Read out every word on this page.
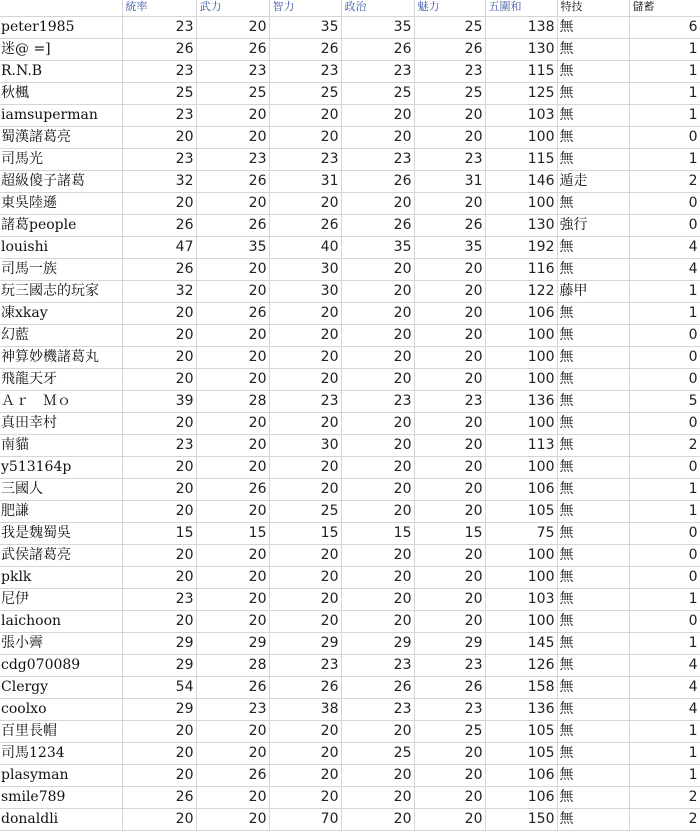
	統率	武力	智力	政治	魅力	五圍和	特技	儲蓄
peter1985	23	20	35	35	25	138	無	6
迷@ =]	26	26	26	26	26	130	無	1
R.N.B	23	23	23	23	23	115	無	1
秋楓	25	25	25	25	25	125	無	1
iamsuperman	23	20	20	20	20	103	無	1
蜀漢諸葛亮	20	20	20	20	20	100	無	0
司馬光	23	23	23	23	23	115	無	1
超級傻子諸葛	32	26	31	26	31	146	遁走	2
東吳陸遜	20	20	20	20	20	100	無	0
諸葛people	26	26	26	26	26	130	強行	0
louishi	47	35	40	35	35	192	無	4
司馬一族	26	20	30	20	20	116	無	4
玩三國志的玩家	32	20	30	20	20	122	藤甲	1
凍xkay	20	26	20	20	20	106	無	1
幻藍	20	20	20	20	20	100	無	0
神算妙機諸葛丸	20	20	20	20	20	100	無	0
飛龍天牙	20	20	20	20	20	100	無	0
Ａｒ　Ｍｏ	39	28	23	23	23	136	無	5
真田幸村	20	20	20	20	20	100	無	0
南貓	23	20	30	20	20	113	無	2
y513164p	20	20	20	20	20	100	無	0
三國人	20	26	20	20	20	106	無	1
肥謙	20	20	25	20	20	105	無	1
我是魏蜀吳	15	15	15	15	15	75	無	0
武侯諸葛亮	20	20	20	20	20	100	無	0
pklk	20	20	20	20	20	100	無	0
尼伊	23	20	20	20	20	103	無	1
laichoon	20	20	20	20	20	100	無	0
張小霽	29	29	29	29	29	145	無	1
cdg070089	29	28	23	23	23	126	無	4
Clergy	54	26	26	26	26	158	無	4
coolxo	29	23	38	23	23	136	無	4
百里長帽	20	20	20	20	25	105	無	1
司馬1234	20	20	20	25	20	105	無	1
plasyman	20	26	20	20	20	106	無	1
smile789	26	20	20	20	20	106	無	2
donaldli	20	20	70	20	20	150	無	2
